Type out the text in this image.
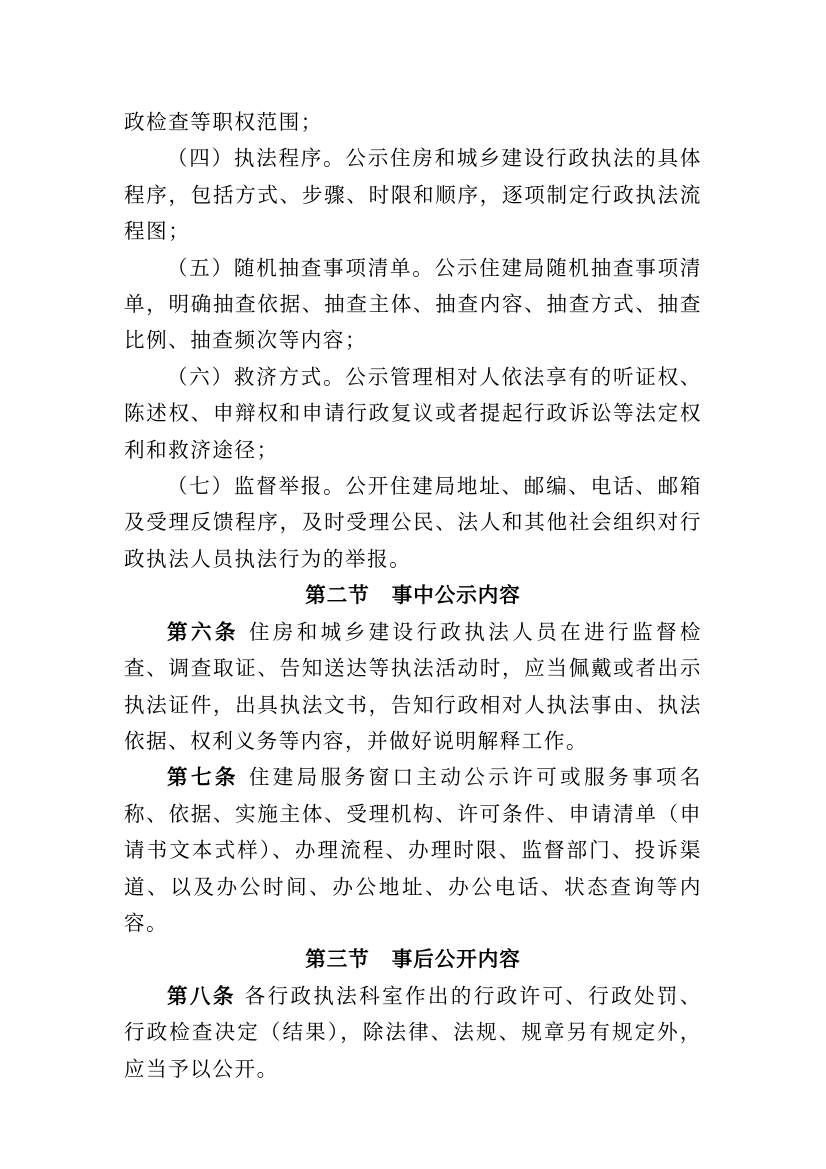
政检查等职权范围；

（四）执法程序。公示住房和城乡建设行政执法的具体程序，包括方式、步骤、时限和顺序，逐项制定行政执法流程图；

（五）随机抽查事项清单。公示住建局随机抽查事项清单，明确抽查依据、抽查主体、抽查内容、抽查方式、抽查比例、抽查频次等内容；

（六）救济方式。公示管理相对人依法享有的听证权、陈述权、申辩权和申请行政复议或者提起行政诉讼等法定权利和救济途径；

（七）监督举报。公开住建局地址、邮编、电话、邮箱及受理反馈程序，及时受理公民、法人和其他社会组织对行政执法人员执法行为的举报。

第二节 事中公示内容

第六条 住房和城乡建设行政执法人员在进行监督检查、调查取证、告知送达等执法活动时，应当佩戴或者出示执法证件，出具执法文书，告知行政相对人执法事由、执法依据、权利义务等内容，并做好说明解释工作。

第七条 住建局服务窗口主动公示许可或服务事项名称、依据、实施主体、受理机构、许可条件、申请清单（申请书文本式样）、办理流程、办理时限、监督部门、投诉渠道、以及办公时间、办公地址、办公电话、状态查询等内容。

第三节 事后公开内容

第八条 各行政执法科室作出的行政许可、行政处罚、行政检查决定（结果），除法律、法规、规章另有规定外，应当予以公开。
